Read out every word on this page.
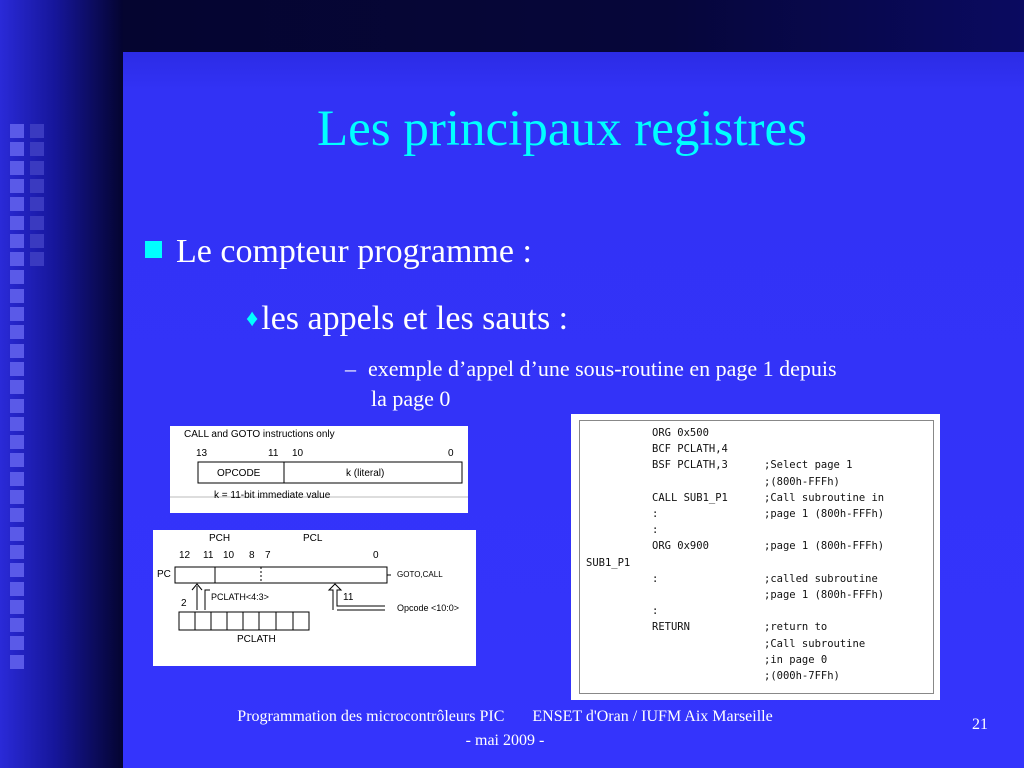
Les principaux registres
Le compteur programme :
♦les appels et les sauts :
– exemple d’appel d’une sous-routine en page 1 depuis
la page 0
CALL and GOTO instructions only
13	11 10	0
OPCODE	k (literal)
k = 11-bit immediate value
PCH	PCL
12 11 10 8 7	0
PC	GOTO,CALL
2
PCLATH<4:3>	11
Opcode <10:0>
PCLATH
ORG 0x500
BCF PCLATH,4
BSF PCLATH,3	;Select page 1
;(800h-FFFh)
CALL SUB1_P1	;Call subroutine in
:	;page 1 (800h-FFFh)
:
ORG 0x900	;page 1 (800h-FFFh)
SUB1_P1
:	;called subroutine
;page 1 (800h-FFFh)
:
RETURN	;return to
;Call subroutine
;in page 0
;(000h-7FFh)
Programmation des microcontrôleurs PIC       ENSET d'Oran / IUFM Aix Marseille
- mai 2009 -
21
